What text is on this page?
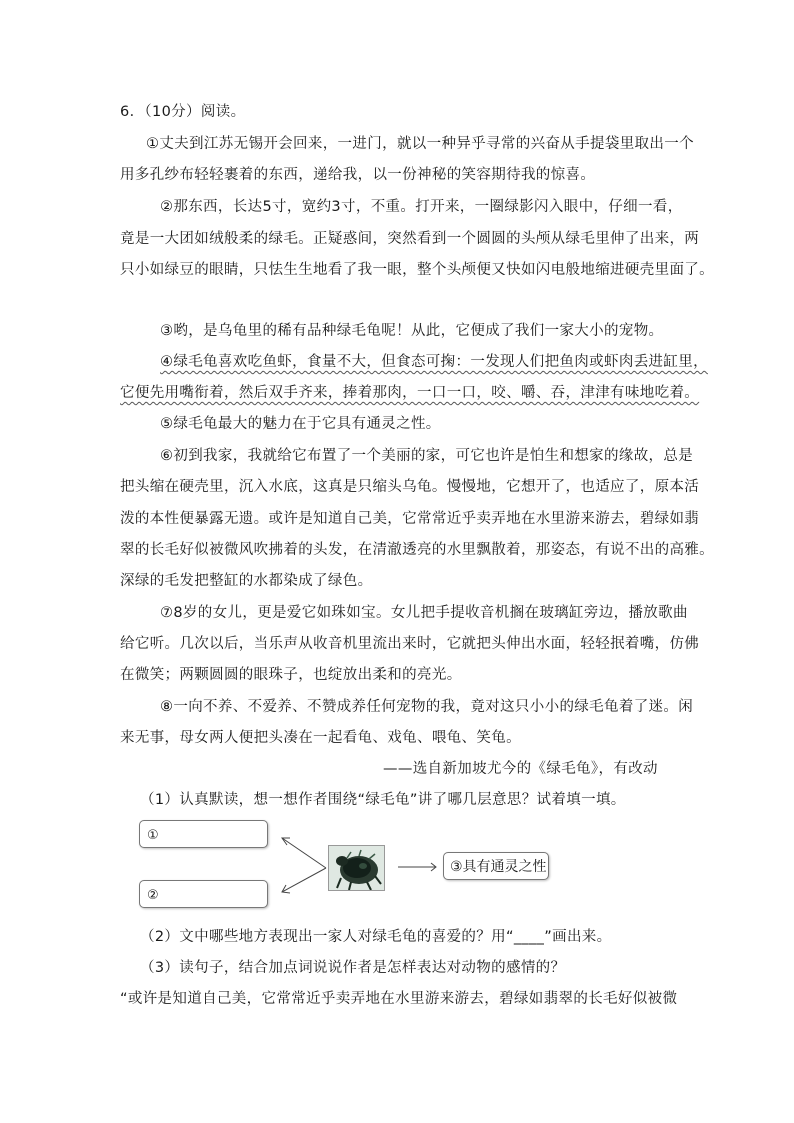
6．（10分）阅读。
①丈夫到江苏无锡开会回来，一进门，就以一种异乎寻常的兴奋从手提袋里取出一个
用多孔纱布轻轻裹着的东西，递给我，以一份神秘的笑容期待我的惊喜。
②那东西，长达5寸，宽约3寸，不重。打开来，一圈绿影闪入眼中，仔细一看，
竟是一大团如绒般柔的绿毛。正疑惑间，突然看到一个圆圆的头颅从绿毛里伸了出来，两
只小如绿豆的眼睛，只怯生生地看了我一眼，整个头颅便又快如闪电般地缩进硬壳里面了。
③哟，是乌龟里的稀有品种绿毛龟呢！从此，它便成了我们一家大小的宠物。
④绿毛龟喜欢吃鱼虾，食量不大，但食态可掬：一发现人们把鱼肉或虾肉丢进缸里，
它便先用嘴衔着，然后双手齐来，捧着那肉，一口一口，咬、嚼、吞，津津有味地吃着。
⑤绿毛龟最大的魅力在于它具有通灵之性。
⑥初到我家，我就给它布置了一个美丽的家，可它也许是怕生和想家的缘故，总是
把头缩在硬壳里，沉入水底，这真是只缩头乌龟。慢慢地，它想开了，也适应了，原本活
泼的本性便暴露无遗。或许是知道自己美，它常常近乎卖弄地在水里游来游去，碧绿如翡
翠的长毛好似被微风吹拂着的头发，在清澈透亮的水里飘散着，那姿态，有说不出的高雅。
深绿的毛发把整缸的水都染成了绿色。
⑦8岁的女儿，更是爱它如珠如宝。女儿把手提收音机搁在玻璃缸旁边，播放歌曲
给它听。几次以后，当乐声从收音机里流出来时，它就把头伸出水面，轻轻抿着嘴，仿佛
在微笑；两颗圆圆的眼珠子，也绽放出柔和的亮光。
⑧一向不养、不爱养、不赞成养任何宠物的我，竟对这只小小的绿毛龟着了迷。闲
来无事，母女两人便把头凑在一起看龟、戏龟、喂龟、笑龟。
——选自新加坡尤今的《绿毛龟》，有改动
（1）认真默读，想一想作者围绕“绿毛龟”讲了哪几层意思？试着填一填。
①
②
③具有通灵之性
（2）文中哪些地方表现出一家人对绿毛龟的喜爱的？用“____”画出来。
（3）读句子，结合加点词说说作者是怎样表达对动物的感情的？
“或许是知道自己美，它常常近乎卖弄地在水里游来游去，碧绿如翡翠的长毛好似被微
